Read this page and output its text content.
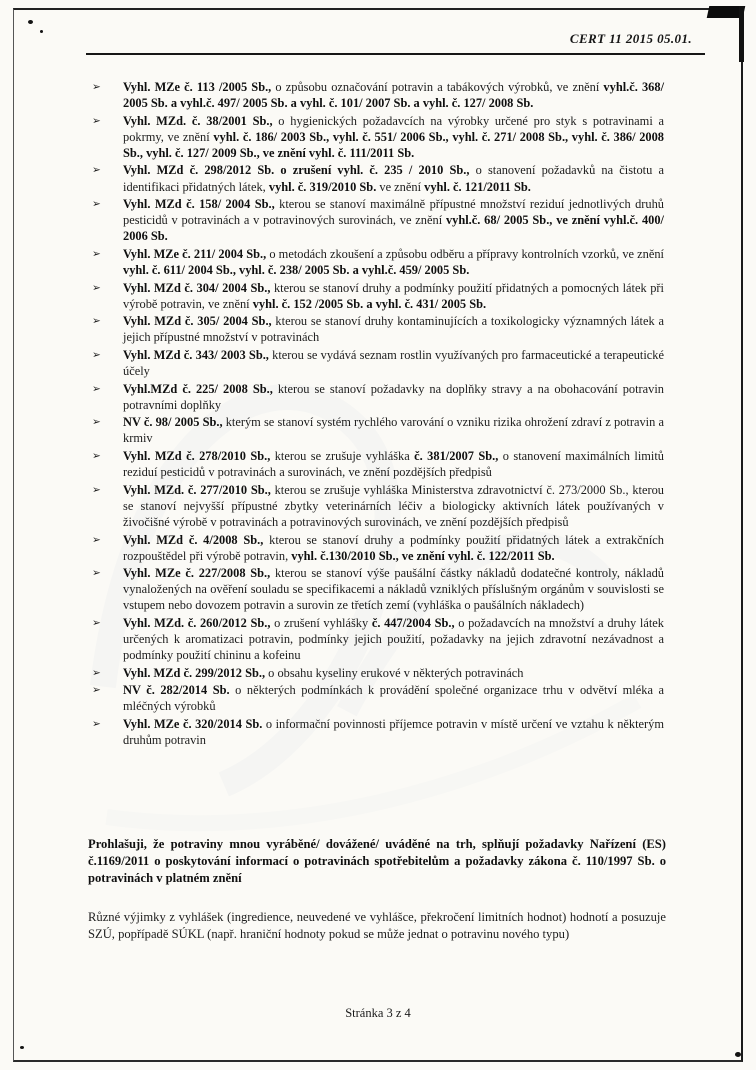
CERT 11 2015 05.01.
➢	Vyhl. MZe č. 113 /2005 Sb., o způsobu označování potravin a tabákových výrobků, ve znění vyhl.č. 368/ 2005 Sb. a vyhl.č. 497/ 2005 Sb. a vyhl. č. 101/ 2007 Sb. a vyhl. č. 127/ 2008 Sb.
➢	Vyhl. MZd. č. 38/2001 Sb., o hygienických požadavcích na výrobky určené pro styk s potravinami a pokrmy, ve znění vyhl. č. 186/ 2003 Sb., vyhl. č. 551/ 2006 Sb., vyhl. č. 271/ 2008 Sb., vyhl. č. 386/ 2008 Sb., vyhl. č. 127/ 2009 Sb., ve znění vyhl. č. 111/2011 Sb.
➢	Vyhl. MZd č. 298/2012 Sb. o zrušení vyhl. č. 235 / 2010 Sb., o stanovení požadavků na čistotu a identifikaci přidatných látek, vyhl. č. 319/2010 Sb. ve znění vyhl. č. 121/2011 Sb.
➢	Vyhl. MZd č. 158/ 2004 Sb., kterou se stanoví maximálně přípustné množství reziduí jednotlivých druhů pesticidů v potravinách a v potravinových surovinách, ve znění vyhl.č. 68/ 2005 Sb., ve znění vyhl.č. 400/ 2006 Sb.
➢	Vyhl. MZe č. 211/ 2004 Sb., o metodách zkoušení a způsobu odběru a přípravy kontrolních vzorků, ve znění vyhl. č. 611/ 2004 Sb., vyhl. č. 238/ 2005 Sb. a vyhl.č. 459/ 2005 Sb.
➢	Vyhl. MZd č. 304/ 2004 Sb., kterou se stanoví druhy a podmínky použití přidatných a pomocných látek při výrobě potravin, ve znění vyhl. č. 152 /2005 Sb. a vyhl. č. 431/ 2005 Sb.
➢	Vyhl. MZd č. 305/ 2004 Sb., kterou se stanoví druhy kontaminujících a toxikologicky významných látek a jejich přípustné množství v potravinách
➢	Vyhl. MZd č. 343/ 2003 Sb., kterou se vydává seznam rostlin využívaných pro farmaceutické a terapeutické účely
➢	Vyhl.MZd č. 225/ 2008 Sb., kterou se stanoví požadavky na doplňky stravy a na obohacování potravin potravními doplňky
➢	NV č. 98/ 2005 Sb., kterým se stanoví systém rychlého varování o vzniku rizika ohrožení zdraví z potravin a krmiv
➢	Vyhl. MZd č. 278/2010 Sb., kterou se zrušuje vyhláška č. 381/2007 Sb., o stanovení maximálních limitů reziduí pesticidů v potravinách a surovinách, ve znění pozdějších předpisů
➢	Vyhl. MZd. č. 277/2010 Sb., kterou se zrušuje vyhláška Ministerstva zdravotnictví č. 273/2000 Sb., kterou se stanoví nejvyšší přípustné zbytky veterinárních léčiv a biologicky aktivních látek používaných v živočišné výrobě v potravinách a potravinových surovinách, ve znění pozdějších předpisů
➢	Vyhl. MZd č. 4/2008 Sb., kterou se stanoví druhy a podmínky použití přidatných látek a extrakčních rozpouštědel při výrobě potravin, vyhl. č.130/2010 Sb., ve znění vyhl. č. 122/2011 Sb.
➢	Vyhl. MZe č. 227/2008 Sb., kterou se stanoví výše paušální částky nákladů dodatečné kontroly, nákladů vynaložených na ověření souladu se specifikacemi a nákladů vzniklých příslušným orgánům v souvislosti se vstupem nebo dovozem potravin a surovin ze třetích zemí (vyhláška o paušálních nákladech)
➢	Vyhl. MZd. č. 260/2012 Sb., o zrušení vyhlášky č. 447/2004 Sb., o požadavcích na množství a druhy látek určených k aromatizaci potravin, podmínky jejich použití, požadavky na jejich zdravotní nezávadnost a podmínky použití chininu a kofeinu
➢	Vyhl. MZd č. 299/2012 Sb., o obsahu kyseliny erukové v některých potravinách
➢	NV č. 282/2014 Sb. o některých podmínkách k provádění společné organizace trhu v odvětví mléka a mléčných výrobků
➢	Vyhl. MZe č. 320/2014 Sb. o informační povinnosti příjemce potravin v místě určení ve vztahu k některým druhům potravin

Prohlašuji, že potraviny mnou vyráběné/ dovážené/ uváděné na trh, splňují požadavky Nařízení (ES) č.1169/2011 o poskytování informací o potravinách spotřebitelům a požadavky zákona č. 110/1997 Sb. o potravinách v platném znění

Různé výjimky z vyhlášek (ingredience, neuvedené ve vyhlášce, překročení limitních hodnot) hodnotí a posuzuje SZÚ, popřípadě SÚKL (např. hraniční hodnoty pokud se může jednat o potravinu nového typu)

Stránka 3 z 4
